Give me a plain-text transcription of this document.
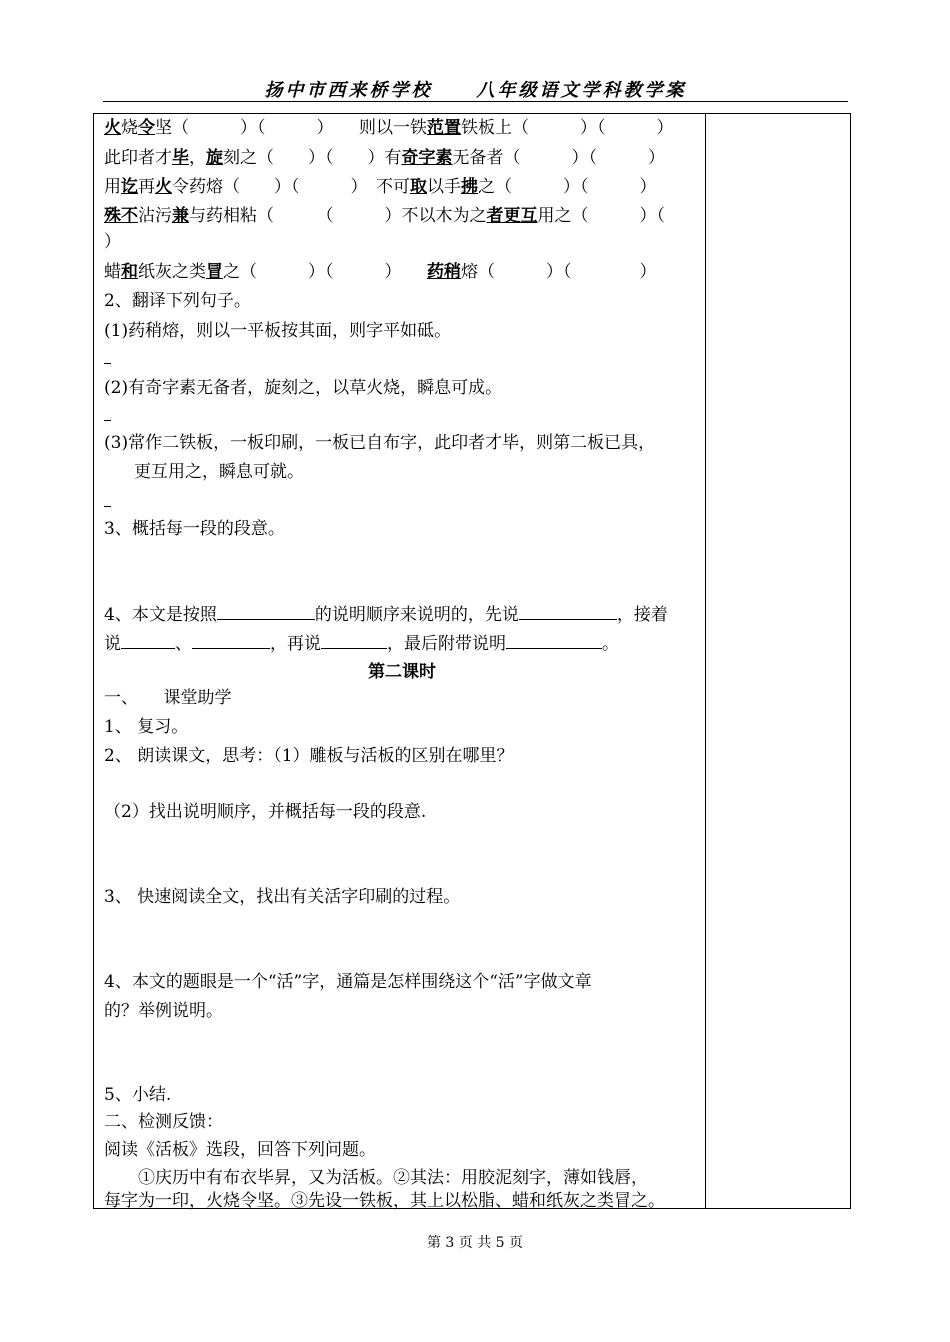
扬中市西来桥学校 八年级语文学科教学案
火烧令坚（　　　）（　　　）　　 则以一铁范置铁板上（　　　）（　　　）
此印者才毕，旋刻之（　　）（　　）有奇字素无备者（　　　）（　　　）
用讫再火令药熔（　　）（　　　）　不可取以手拂之（　　　）（　　　）
殊不沾污兼与药相粘（　　　（　　　）不以木为之者更互用之（　　　）（
）
蜡和纸灰之类冒之（　　　）（　　　）　　 药稍熔（　　　）（　　　　）
2、翻译下列句子。
(1)药稍熔，则以一平板按其面，则字平如砥。
(2)有奇字素无备者，旋刻之，以草火烧，瞬息可成。
(3)常作二铁板，一板印刷，一板已自布字，此印者才毕，则第二板已具，
更互用之，瞬息可就。
3、概括每一段的段意。
4、本文是按照	的说明顺序来说明的，先说	，接着
说	、	，再说	，最后附带说明	。
第二课时
一、　　课堂助学
1、 复习。
2、 朗读课文，思考：（1）雕板与活板的区别在哪里？
（2）找出说明顺序，并概括每一段的段意.
3、 快速阅读全文，找出有关活字印刷的过程。
4、本文的题眼是一个“活”字，通篇是怎样围绕这个“活”字做文章
的？举例说明。
5、小结.
二、检测反馈：
阅读《活板》选段，回答下列问题。
①庆历中有布衣毕昇，又为活板。②其法：用胶泥刻字，薄如钱唇，
每字为一印，火烧令坚。③先设一铁板，其上以松脂、蜡和纸灰之类冒之。
第 3 页 共 5 页
